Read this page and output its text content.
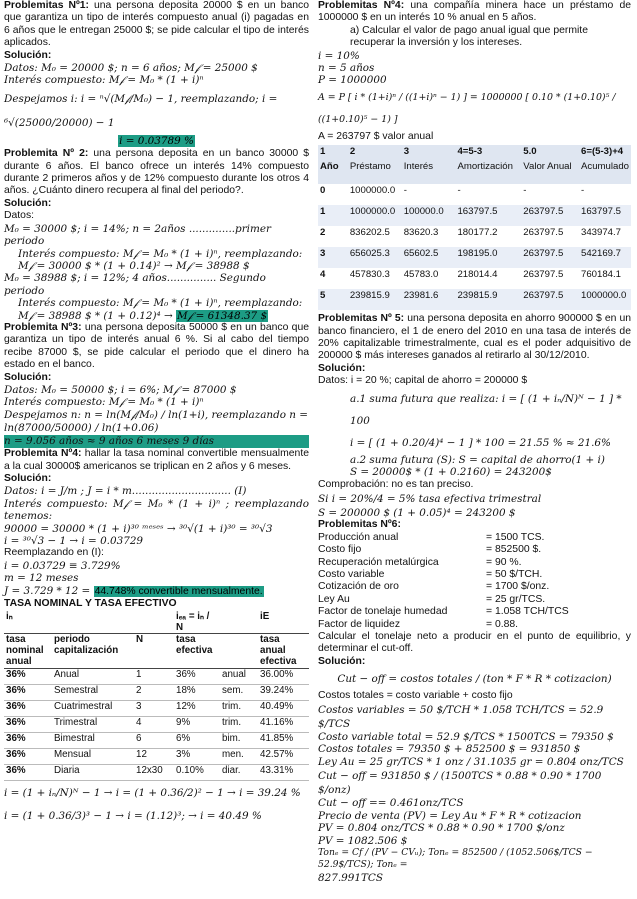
Problemitas Nº1: una persona deposita 20000 $ en un banco que garantiza un tipo de interés compuesto anual (i) pagadas en 6 años que le entregan 25000 $; se pide calcular el tipo de interés aplicados.

Solución:

Datos: M₀ = 20000 $; n = 6 años; M𝒻 = 25000 $

Interés compuesto: M𝒻 = M₀ * (1 + i)ⁿ

Despejamos i: i = ⁿ√(M𝒻/M₀) − 1, reemplazando; i = ⁶√(25000/20000) − 1

i = 0.03789 %

Problemita Nº 2: una persona deposita en un banco 30000 $ durante 6 años. El banco ofrece un interés 14% compuesto durante 2 primeros años y de 12% compuesto durante los otros 4 años. ¿Cuánto dinero recupera al final del periodo?.

Solución:

Datos:

M₀ = 30000 $; i = 14%; n = 2años ..............primer periodo

Interés compuesto: M𝒻 = M₀ * (1 + i)ⁿ, reemplazando:

M𝒻 = 30000 $ * (1 + 0.14)² → M𝒻 = 38988 $

M₀ = 38988 $; i = 12%; 4 años............... Segundo periodo

Interés compuesto: M𝒻 = M₀ * (1 + i)ⁿ, reemplazando:

M𝒻 = 38988 $ * (1 + 0.12)⁴ → M𝒻 = 61348.37 $

Problemita Nº3: una persona deposita 50000 $ en un banco que garantiza un tipo de interés anual 6 %. Si al cabo del tiempo recibe 87000 $, se pide calcular el periodo que el dinero ha estado en el banco.

Solución:

Datos: M₀ = 50000 $; i = 6%; M𝒻 = 87000 $

Interés compuesto: M𝒻 = M₀ * (1 + i)ⁿ

Despejamos n: n = ln(M𝒻/M₀) / ln(1+i), reemplazando n = ln(87000/50000) / ln(1+0.06)

n = 9.056 años ≈ 9 años 6 meses 9 días

Problemita Nº4: hallar la tasa nominal convertible mensualmente a la cual 30000$ americanos se triplican en 2 años y 6 meses.

Solución:

Datos: i = J/m ; J = i * m.............................. (I)

Interés compuesto: M𝒻 = M₀ * (1 + i)ⁿ ; reemplazando tenemos:

90000 = 30000 * (1 + i)³⁰ ᵐᵉˢᵉˢ → ³⁰√(1 + i)³⁰ = ³⁰√3

i = ³⁰√3 − 1 → i = 0.03729

Reemplazando en (I):

i = 0.03729 ≡ 3.729%

m = 12 meses

J = 3.729 * 12 = 44.748% convertible mensualmente.

TASA NOMINAL Y TASA EFECTIVO

iₙ			iₑₐ = iₙ / N		iE
tasa nominal anual	periodo capitalización	N	tasa efectiva		tasa anual efectiva
36%	Anual	1	36%	anual	36.00%
36%	Semestral	2	18%	sem.	39.24%
36%	Cuatrimestral	3	12%	trim.	40.49%
36%	Trimestral	4	9%	trim.	41.16%
36%	Bimestral	6	6%	bim.	41.85%
36%	Mensual	12	3%	men.	42.57%
36%	Diaria	12x30	0.10%	diar.	43.31%

i = (1 + iₙ/N)ᴺ − 1 → i = (1 + 0.36/2)² − 1 → i = 39.24 %

i = (1 + 0.36/3)³ − 1 → i = (1.12)³; → i = 40.49 %

Problemitas Nº4: una compañía minera hace un préstamo de 1000000 $ en un interés 10 % anual en 5 años.

a) Calcular el valor de pago anual igual que permite recuperar la inversión y los intereses.

i = 10%

n = 5 años

P = 1000000

A = P [ i * (1+i)ⁿ / ((1+i)ⁿ − 1) ] = 1000000 [ 0.10 * (1+0.10)⁵ / ((1+0.10)⁵ − 1) ]

A = 263797 $ valor anual

1	2	3	4=5-3	5.0	6=(5-3)+4
Año	Préstamo	Interés	Amortización	Valor Anual	Acumulado
0	1000000.0	-	-	-	-
1	1000000.0	100000.0	163797.5	263797.5	163797.5
2	836202.5	83620.3	180177.2	263797.5	343974.7
3	656025.3	65602.5	198195.0	263797.5	542169.7
4	457830.3	45783.0	218014.4	263797.5	760184.1
5	239815.9	23981.6	239815.9	263797.5	1000000.0

Problemitas Nº 5: una persona deposita en ahorro 900000 $ en un banco financiero, el 1 de enero del 2010 en una tasa de interés de 20% capitalizable trimestralmente, cual es el poder adquisitivo de 200000 $ más intereses ganados al retirarlo al 30/12/2010.

Solución:

Datos: i = 20 %; capital de ahorro = 200000 $

a.1 suma futura que realiza: i = [ (1 + iₙ/N)ᴺ − 1 ] * 100

i = [ (1 + 0.20/4)⁴ − 1 ] * 100 = 21.55 % ≈ 21.6%

a.2 suma futura (S): S = capital de ahorro(1 + i)

S = 20000$ * (1 + 0.2160) = 243200$

Comprobación: no es tan preciso.

Si i = 20%/4 = 5% tasa efectiva trimestral

S = 200000 $ (1 + 0.05)⁴ = 243200 $

Problemitas Nº6:

Producción anual	= 1500 TCS.
Costo fijo	= 852500 $.
Recuperación metalúrgica	= 90 %.
Costo variable	= 50 $/TCH.
Cotización de oro	= 1700 $/onz.
Ley Au	= 25 gr/TCS.
Factor de tonelaje humedad	= 1.058 TCH/TCS
Factor de liquidez	= 0.88.

Calcular el tonelaje neto a producir en el punto de equilibrio, y determinar el cut-off.

Solución:

Cut − off = costos totales / (ton * F * R * cotizacion)

Costos totales = costo variable + costo fijo

Costos variables = 50 $/TCH * 1.058 TCH/TCS = 52.9 $/TCS

Costo variable total = 52.9 $/TCS * 1500TCS = 79350 $

Costos totales = 79350 $ + 852500 $ = 931850 $

Ley Au = 25 gr/TCS * 1 onz / 31.1035 gr = 0.804 onz/TCS

Cut − off = 931850 $ / (1500TCS * 0.88 * 0.90 * 1700 $/onz)

Cut − off == 0.461onz/TCS

Precio de venta (PV) = Ley Au * F * R * cotizacion

PV = 0.804 onz/TCS * 0.88 * 0.90 * 1700 $/onz

PV = 1082.506 $

Tonₑ = Cf / (PV − CVᵤ); Tonₑ = 852500 / (1052.506$/TCS − 52.9$/TCS); Tonₑ =

827.991TCS
